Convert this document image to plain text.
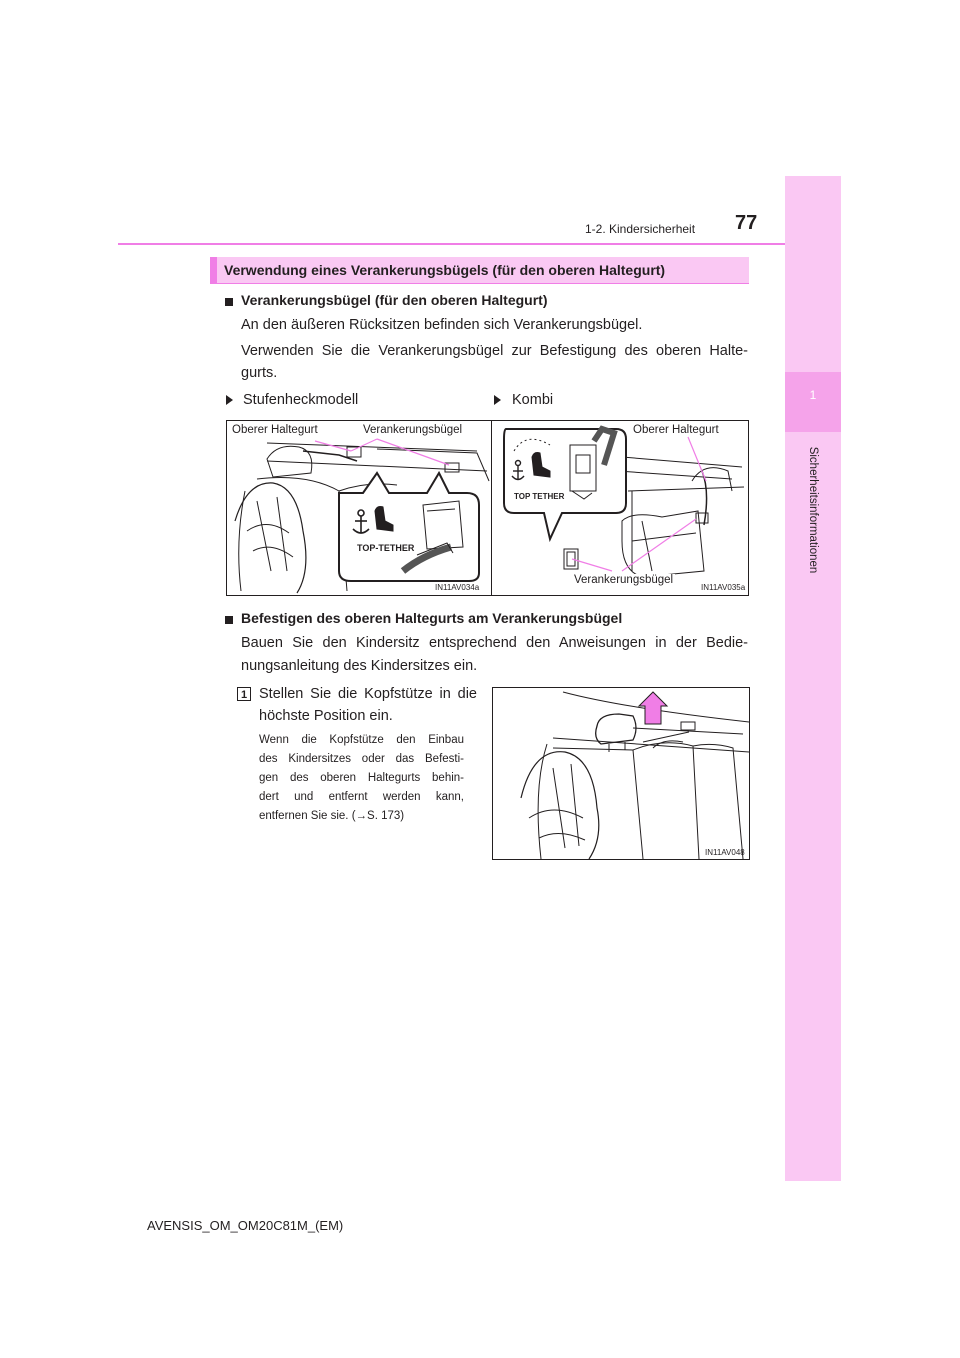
1
Sicherheitsinformationen
1-2. Kindersicherheit 77
Verwendung eines Verankerungsbügels (für den oberen Haltegurt)
Verankerungsbügel (für den oberen Haltegurt)
An den äußeren Rücksitzen befinden sich Verankerungsbügel.
Verwenden Sie die Verankerungsbügel zur Befestigung des oberen Halte-
gurts.
Stufenheckmodell	Kombi
TOP-TETHER
Oberer Haltegurt	Verankerungsbügel
IN11AV034a
TOP TETHER
Oberer Haltegurt
Verankerungsbügel
IN11AV035a
Befestigen des oberen Haltegurts am Verankerungsbügel
Bauen Sie den Kindersitz entsprechend den Anweisungen in der Bedie-
nungsanleitung des Kindersitzes ein.
1 Stellen Sie die Kopfstütze in die
höchste Position ein.
Wenn die Kopfstütze den Einbau
des Kindersitzes oder das Befesti-
gen des oberen Haltegurts behin-
dert und entfernt werden kann,
entfernen Sie sie. (→S. 173)
IN11AV048
AVENSIS_OM_OM20C81M_(EM)
